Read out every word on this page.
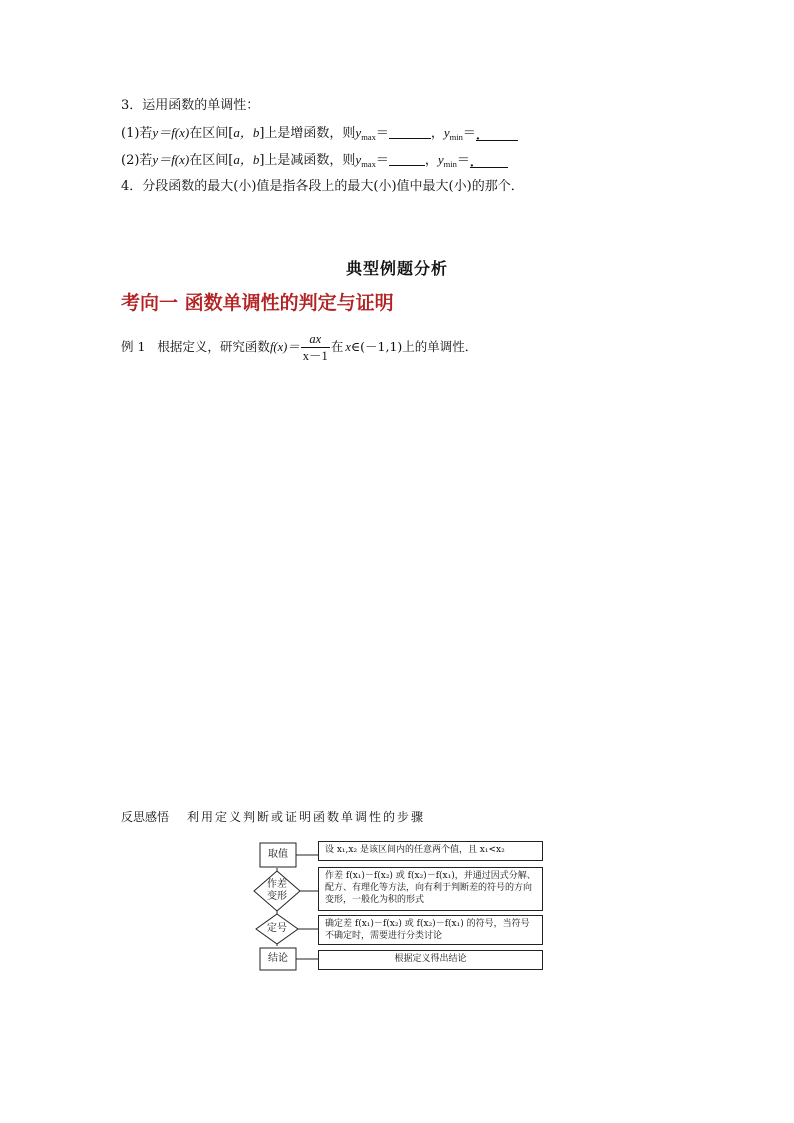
3．运用函数的单调性：
(1)若y＝f(x)在区间[a，b]上是增函数，则$y_{max}=$	，$y_{min}=$．
(2)若y＝f(x)在区间[a，b]上是减函数，则$y_{max}=$	，$y_{min}=$．
4．分段函数的最大(小)值是指各段上的最大(小)值中最大(小)的那个．
典型例题分析
考向一 函数单调性的判定与证明
例 1 根据定义，研究函数$f(x)= \frac{ax}{x-1}$ 在 x∈(－1,1)上的单调性．
反思感悟 利用定义判断或证明函数单调性的步骤
取值
作差变形
定号
结论
设 x₁,x₂ 是该区间内的任意两个值，且 x₁<x₂
作差 f(x₁)－f(x₂) 或 f(x₂)－f(x₁)，并通过因式分解、配方、有理化等方法，向有利于判断差的符号的方向变形，一般化为积的形式
确定差 f(x₁)－f(x₂) 或 f(x₂)－f(x₁) 的符号，当符号不确定时，需要进行分类讨论
根据定义得出结论
